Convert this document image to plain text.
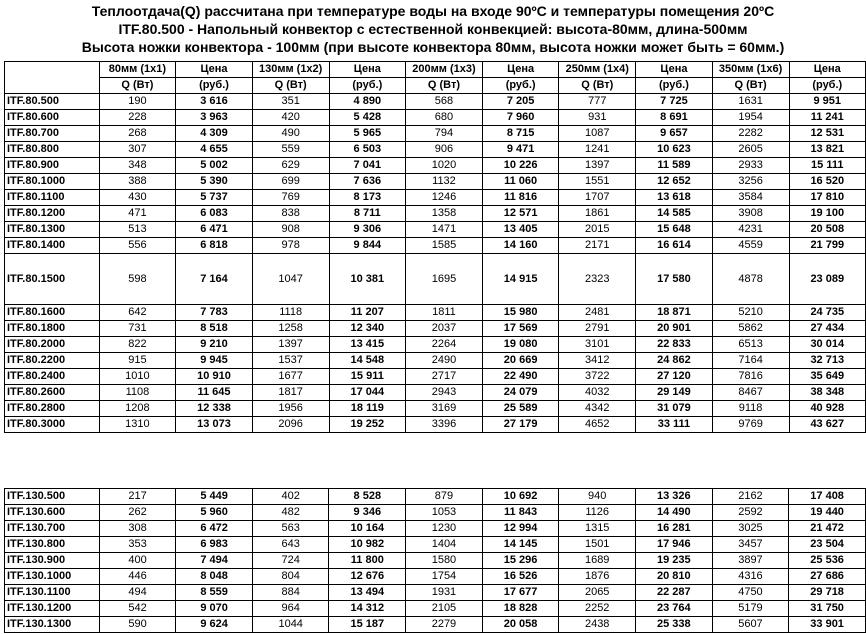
Теплоотдача(Q) рассчитана при температуре воды на входе 90ºС и температуры помещения 20ºС
ITF.80.500 - Напольный конвектор с естественной конвекцией: высота-80мм, длина-500мм
Высота ножки конвектора - 100мм (при высоте конвектора 80мм, высота ножки может быть = 60мм.)
	80мм (1х1)	Цена	130мм (1х2)	Цена	200мм (1х3)	Цена	250мм (1х4)	Цена	350мм (1х6)	Цена
	Q (Вт)	(руб.)	Q (Вт)	(руб.)	Q (Вт)	(руб.)	Q (Вт)	(руб.)	Q (Вт)	(руб.)
ITF.80.500	190	3 616	351	4 890	568	7 205	777	7 725	1631	9 951
ITF.80.600	228	3 963	420	5 428	680	7 960	931	8 691	1954	11 241
ITF.80.700	268	4 309	490	5 965	794	8 715	1087	9 657	2282	12 531
ITF.80.800	307	4 655	559	6 503	906	9 471	1241	10 623	2605	13 821
ITF.80.900	348	5 002	629	7 041	1020	10 226	1397	11 589	2933	15 111
ITF.80.1000	388	5 390	699	7 636	1132	11 060	1551	12 652	3256	16 520
ITF.80.1100	430	5 737	769	8 173	1246	11 816	1707	13 618	3584	17 810
ITF.80.1200	471	6 083	838	8 711	1358	12 571	1861	14 585	3908	19 100
ITF.80.1300	513	6 471	908	9 306	1471	13 405	2015	15 648	4231	20 508
ITF.80.1400	556	6 818	978	9 844	1585	14 160	2171	16 614	4559	21 799
ITF.80.1500	598	7 164	1047	10 381	1695	14 915	2323	17 580	4878	23 089
ITF.80.1600	642	7 783	1118	11 207	1811	15 980	2481	18 871	5210	24 735
ITF.80.1800	731	8 518	1258	12 340	2037	17 569	2791	20 901	5862	27 434
ITF.80.2000	822	9 210	1397	13 415	2264	19 080	3101	22 833	6513	30 014
ITF.80.2200	915	9 945	1537	14 548	2490	20 669	3412	24 862	7164	32 713
ITF.80.2400	1010	10 910	1677	15 911	2717	22 490	3722	27 120	7816	35 649
ITF.80.2600	1108	11 645	1817	17 044	2943	24 079	4032	29 149	8467	38 348
ITF.80.2800	1208	12 338	1956	18 119	3169	25 589	4342	31 079	9118	40 928
ITF.80.3000	1310	13 073	2096	19 252	3396	27 179	4652	33 111	9769	43 627
ITF.130.500	217	5 449	402	8 528	879	10 692	940	13 326	2162	17 408
ITF.130.600	262	5 960	482	9 346	1053	11 843	1126	14 490	2592	19 440
ITF.130.700	308	6 472	563	10 164	1230	12 994	1315	16 281	3025	21 472
ITF.130.800	353	6 983	643	10 982	1404	14 145	1501	17 946	3457	23 504
ITF.130.900	400	7 494	724	11 800	1580	15 296	1689	19 235	3897	25 536
ITF.130.1000	446	8 048	804	12 676	1754	16 526	1876	20 810	4316	27 686
ITF.130.1100	494	8 559	884	13 494	1931	17 677	2065	22 287	4750	29 718
ITF.130.1200	542	9 070	964	14 312	2105	18 828	2252	23 764	5179	31 750
ITF.130.1300	590	9 624	1044	15 187	2279	20 058	2438	25 338	5607	33 901
